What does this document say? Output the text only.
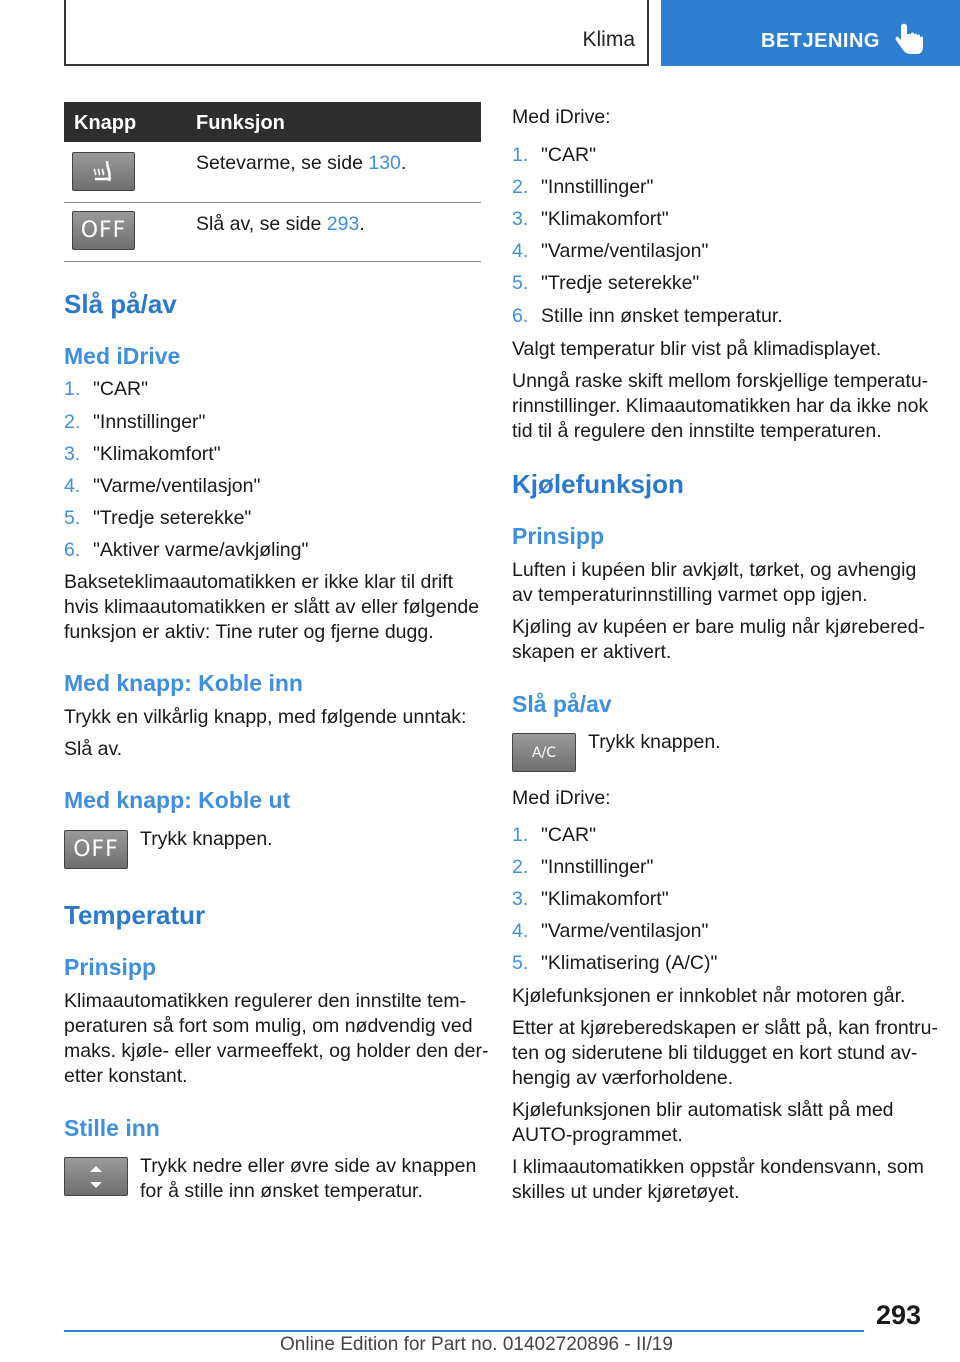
Klima	BETJENING
Knapp	Funksjon
Setevarme, se side 130.
OFF	Slå av, se side 293.
Slå på/av
Med iDrive
1. "CAR"
2. "Innstillinger"
3. "Klimakomfort"
4. "Varme/ventilasjon"
5. "Tredje seterekke"
6. "Aktiver varme/avkjøling"
Bakseteklimaautomatikken er ikke klar til drift
hvis klimaautomatikken er slått av eller følgende
funksjon er aktiv: Tine ruter og fjerne dugg.
Med knapp: Koble inn
Trykk en vilkårlig knapp, med følgende unntak:
Slå av.
Med knapp: Koble ut
OFF	Trykk knappen.
Temperatur
Prinsipp
Klimaautomatikken regulerer den innstilte tem-
peraturen så fort som mulig, om nødvendig ved
maks. kjøle- eller varmeeffekt, og holder den der-
etter konstant.
Stille inn
Trykk nedre eller øvre side av knappen
for å stille inn ønsket temperatur.
Med iDrive:
1. "CAR"
2. "Innstillinger"
3. "Klimakomfort"
4. "Varme/ventilasjon"
5. "Tredje seterekke"
6. Stille inn ønsket temperatur.
Valgt temperatur blir vist på klimadisplayet.
Unngå raske skift mellom forskjellige temperatu-
rinnstillinger. Klimaautomatikken har da ikke nok
tid til å regulere den innstilte temperaturen.
Kjølefunksjon
Prinsipp
Luften i kupéen blir avkjølt, tørket, og avhengig
av temperaturinnstilling varmet opp igjen.
Kjøling av kupéen er bare mulig når kjørebered-
skapen er aktivert.
Slå på/av
A/C	Trykk knappen.
Med iDrive:
1. "CAR"
2. "Innstillinger"
3. "Klimakomfort"
4. "Varme/ventilasjon"
5. "Klimatisering (A/C)"
Kjølefunksjonen er innkoblet når motoren går.
Etter at kjøreberedskapen er slått på, kan frontru-
ten og siderutene bli tildugget en kort stund av-
hengig av værforholdene.
Kjølefunksjonen blir automatisk slått på med
AUTO-programmet.
I klimaautomatikken oppstår kondensvann, som
skilles ut under kjøretøyet.
293
Online Edition for Part no. 01402720896 - II/19
